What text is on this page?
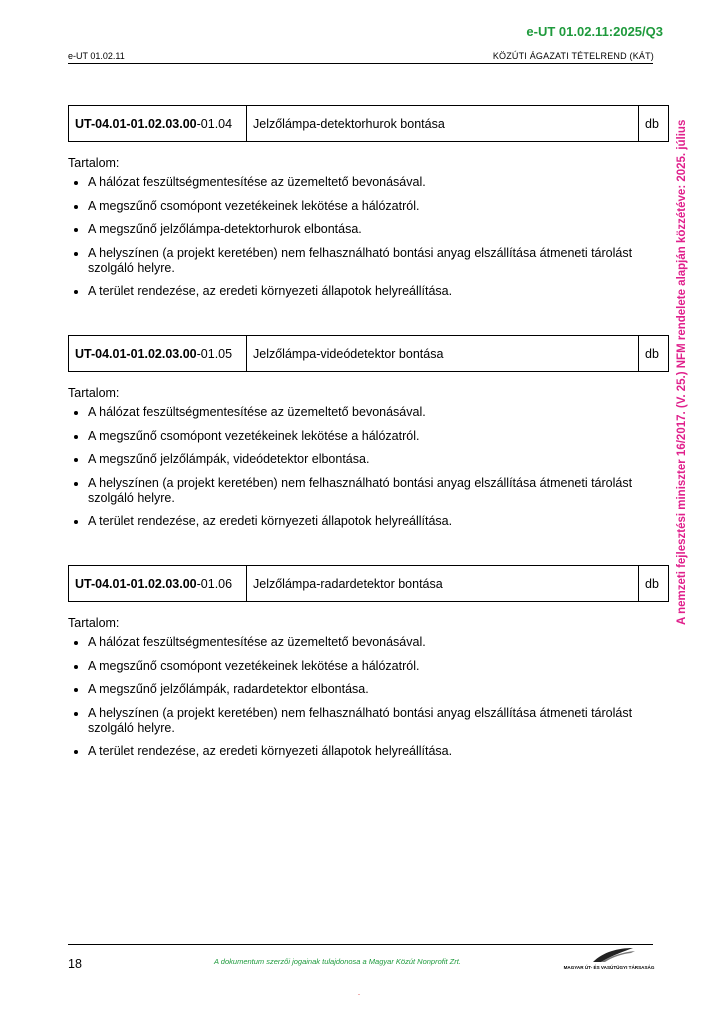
e-UT 01.02.11:2025/Q3
e-UT 01.02.11	KÖZÚTI ÁGAZATI TÉTELREND (KÁT)
A nemzeti fejlesztési miniszter 16/2017. (V. 25.) NFM rendelete alapján közzétéve: 2025. július
UT-04.01-01.02.03.00-01.04	Jelzőlámpa-detektorhurok bontása	db
Tartalom:
• A hálózat feszültségmentesítése az üzemeltető bevonásával.
• A megszűnő csomópont vezetékeinek lekötése a hálózatról.
• A megszűnő jelzőlámpa-detektorhurok elbontása.
• A helyszínen (a projekt keretében) nem felhasználható bontási anyag elszállítása átmeneti tárolást szolgáló helyre.
• A terület rendezése, az eredeti környezeti állapotok helyreállítása.
UT-04.01-01.02.03.00-01.05	Jelzőlámpa-videódetektor bontása	db
Tartalom:
• A hálózat feszültségmentesítése az üzemeltető bevonásával.
• A megszűnő csomópont vezetékeinek lekötése a hálózatról.
• A megszűnő jelzőlámpák, videódetektor elbontása.
• A helyszínen (a projekt keretében) nem felhasználható bontási anyag elszállítása átmeneti tárolást szolgáló helyre.
• A terület rendezése, az eredeti környezeti állapotok helyreállítása.
UT-04.01-01.02.03.00-01.06	Jelzőlámpa-radardetektor bontása	db
Tartalom:
• A hálózat feszültségmentesítése az üzemeltető bevonásával.
• A megszűnő csomópont vezetékeinek lekötése a hálózatról.
• A megszűnő jelzőlámpák, radardetektor elbontása.
• A helyszínen (a projekt keretében) nem felhasználható bontási anyag elszállítása átmeneti tárolást szolgáló helyre.
• A terület rendezése, az eredeti környezeti állapotok helyreállítása.
18	A dokumentum szerzői jogainak tulajdonosa a Magyar Közút Nonprofit Zrt.
MAGYAR ÚT- ÉS VASÚTÜGYI TÁRSASÁG
